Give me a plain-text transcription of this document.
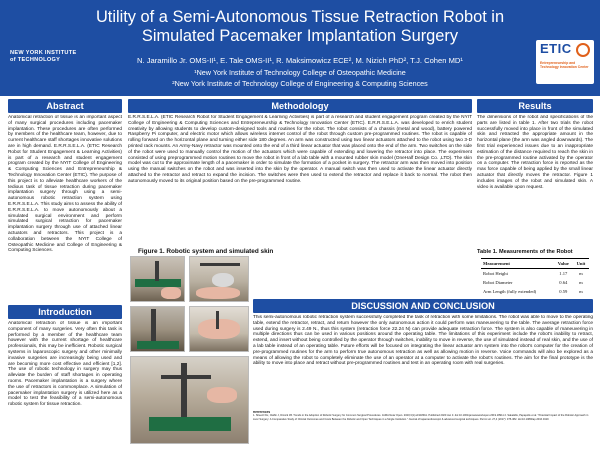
NEW YORK INSTITUTE
of TECHNOLOGY
Utility of a Semi-Autonomous Tissue Retraction Robot in Simulated Pacemaker Implantation Surgery
N. Jaramillo Jr. OMS-II¹, E. Tale OMS-II¹, R. Maksimowicz ECE², M. Nizich PhD², T.J. Cohen MD¹
¹New York Institute of Technology College of Osteopathic Medicine
²New York Institute of Technology College of Engineering & Computing Sciences
ETIC
Entrepreneurship and Technology Innovation Center
Abstract
Anatomical retraction of tissue is an important aspect of many surgical procedures including pacemaker implantation. These procedures are often performed by members of the healthcare team, however, due to current healthcare staff shortages innovative solutions are in high demand. E.R.R.S.E.L.A. (ETIC Research Robot for Student Engagement & Learning Activities) is part of a research and student engagement program created by the NYIT College of Engineering & Computing Sciences and Entrepreneurship & Technology Innovation Center (ETIC). The purpose of this project is to alleviate healthcare workers of the tedious task of tissue retraction during pacemaker implantation surgery through using a semi-autonomous robotic retraction system using E.R.R.S.E.L.A. This study aims to assess the ability of E.R.R.S.E.L.A. to move autonomously about a simulated surgical environment and perform simulated surgical retraction for pacemaker implantation surgery through use of attached linear actuators and retractors. This project is a collaboration between the NYIT College of Osteopathic Medicine and College of Engineering & Computing Sciences.
Introduction
Anatomical retraction of tissue is an important component of many surgeries. Very often this task is performed by a member of the healthcare team however with the current shortage of healthcare professionals, this may be inefficient. Robotic surgical systems in laparoscopic surgery and other minimally invasive surgeries are increasingly being used and are becoming more cost effective and efficient [1,2]. The use of robotic technology in surgery may thus alleviate the burden of staff shortages in operating rooms. Pacemaker implantation is a surgery where the use of retractors is commonplace. A simulation of pacemaker implantation surgery is utilized here as a model to test the feasibility of a semi-autonomous robotic system for tissue retraction.
Methodology
E.R.R.S.E.L.A. (ETIC Research Robot for Student Engagement & Learning Activities) is part of a research and student engagement program created by the NYIT College of Engineering & Computing Sciences and Entrepreneurship & Technology Innovation Center (ETIC). E.R.R.S.E.L.A. was developed to enrich student creativity by allowing students to develop custom-designed tools and routines for the robot. The robot consists of a chassis (metal and wood), battery powered Raspberry Pi computer, and electric motor which allows wireless internet control of the robot through custom pre-programmed routines. The robot is capable of rolling forward on the horizontal plane and turning either side 180 degrees. An arm was constructed using two linear actuators attached to the robot using two 3-D printed rack mounts. An Army-Navy retractor was mounted onto the end of a third linear actuator that was placed onto the end of the arm. Two switches on the side of the robot were used to manually control the motion of the actuators which were capable of extending and lowering the retractor into place. The experiment consisted of using preprogrammed motion routines to move the robot in front of a lab table with a mounted rubber skin model (OneHalf Design Co. ,LTD). The skin model was cut to the approximate length of a pacemaker in order to simulate the formation of a pocket in surgery. The retractor arm was then moved into position using the manual switches on the robot and was inserted into the skin by the operator. A manual switch was then used to activate the linear actuator directly attached to the retractor and retract to expand the incision. The switches were then used to extend the retractor and replace it back to normal. The robot then autonomously moved to its original position based on the pre-programmed routine.
Figure 1. Robotic system and simulated skin
Results
The dimensions of the robot and specifications of the parts are listed in table 1. After two trials the robot successfully moved into place in front of the simulated skin and retracted the appropriate amount in the horizontal plane (the arm was angled downwards). The first trial experienced issues due to an inappropriate estimation of the distance required to reach the skin in the pre-programmed routine activated by the operator on a computer. The retraction force is reported as the max force capable of being applied by the small linear actuator that directly moves the retractor. Figure 1 includes images of the robot and simulated skin. A video is available upon request.
Table 1. Measurements of the Robot
Measurement	Value	Unit
Robot Height	1.17	m
Robot Diameter	0.64	m
Arm Length (fully extended)	0.59	m

DISCUSSION AND CONCLUSION
This semi-autonomous robotic retraction system successfully completed the task of retraction with some limitations. The robot was able to move to the operating table, extend the retractor, retract, and return however the only autonomous action it could perform was maneuvering to the table. The average retraction force used during surgery is 2.49 N., thus this system (retraction force 22.24 N) can provide adequate retraction force. The system is also capable of maneuvering in multiple directions thus can be used in various positions around the operating table. The limitations of this experiment include the robot's inability to retract, extend, and insert without being controlled by the operator through switches, inability to move in reverse, the use of simulated instead of real skin, and the use of a lab table instead of an operating table. Future efforts will be focused on integrating the linear actuator arm system into the robot's computer for the creation of pre-programmed routines for the arm to perform true autonomous retraction as well as allowing motion in reverse. Voice commands will also be explored as a means of allowing the robot to completely eliminate the use of an operator at a computer to activate the robot's routines. The aim for the final prototype is the ability to move into place and retract without pre-programmed routines and test in an operating room with real surgeries.
References
1. Sheetz KH, Claflin J, Dimick JB. Trends in the Adoption of Robotic Surgery for Common Surgical Procedures. JAMA Netw Open. 2020;3(1):e1918911. Published 2020 Jan 3. doi:10.1001/jamanetworkopen.2019.18911 2. Sakalidis, Papapolis et al. "Potential Impact of the Robotic Approach in Liver Surgery: A Comparative Study of Clinical Outcomes and Costs Between the Robotic and Open Techniques in a Single Institution." Journal of laparoendoscopic & advanced surgical techniques. Part A vol. 27,4 (2017): 375-382. doi:10.1089/lap.2016.0419
